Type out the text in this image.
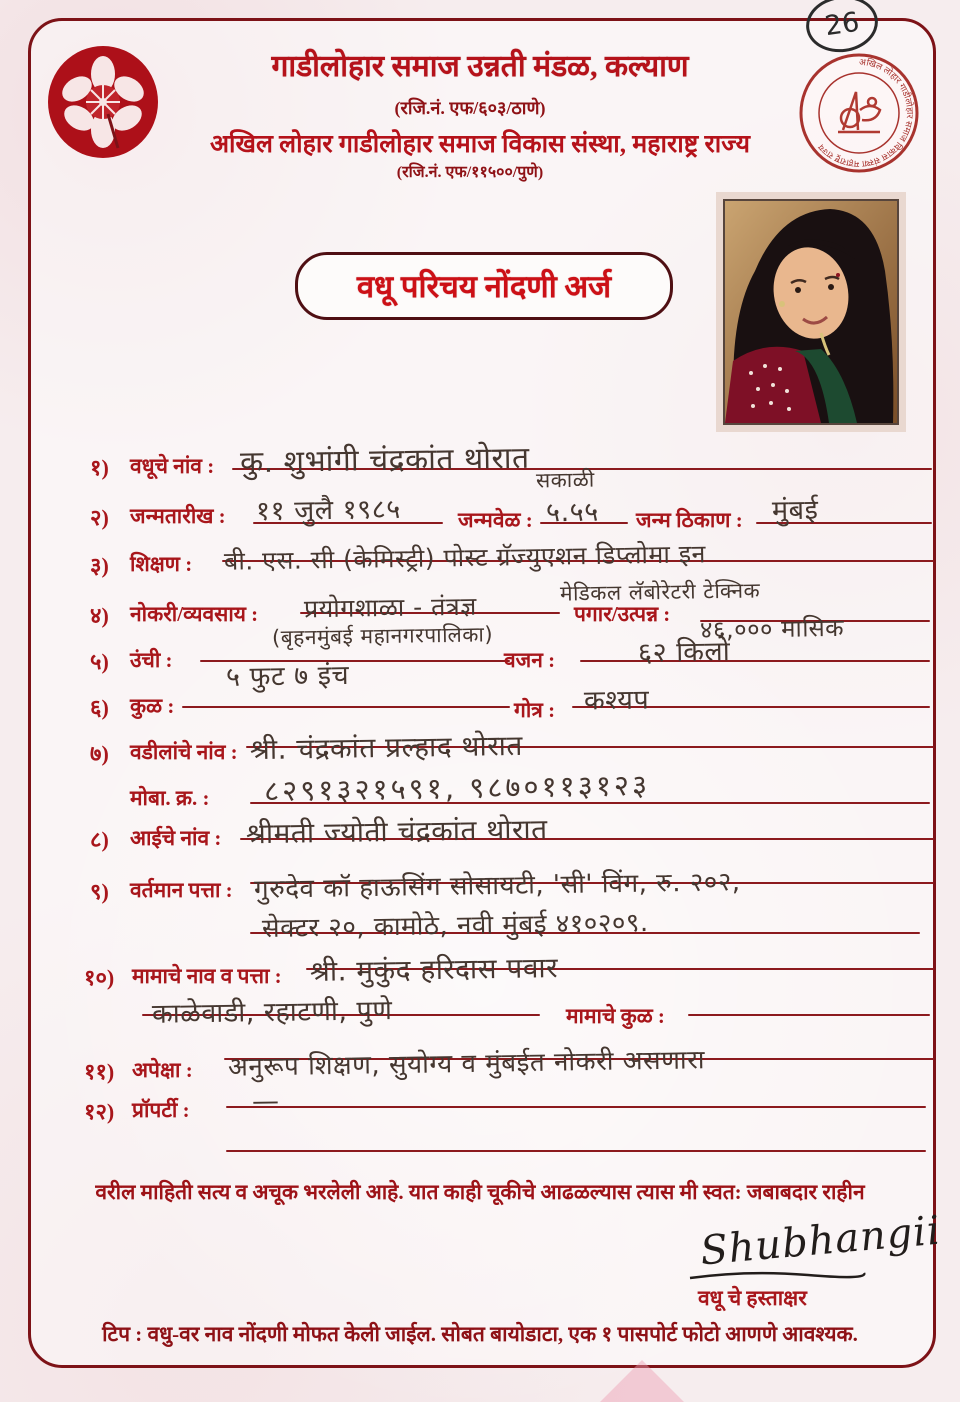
26
अखिल लोहार गाडीलोहार समाज विकास संस्था महाराष्ट्र राज्य
गाडीलोहार समाज उन्नती मंडळ, कल्याण
(रजि.नं. एफ/६०३/ठाणे)
अखिल लोहार गाडीलोहार समाज विकास संस्था, महाराष्ट्र राज्य
(रजि.नं. एफ/११५००/पुणे)
वधू परिचय नोंदणी अर्ज
१) वधूचे नांव : कु. शुभांगी चंद्रकांत थोरात
२) जन्मतारीख : ११ जुलै १९८५	जन्मवेळ :
सकाळी
५.५५ जन्म ठिकाण : मुंबई
३) शिक्षण : बी. एस. सी (केमिस्ट्री) पोस्ट ग्रॅज्युएशन डिप्लोमा इन
मेडिकल लॅबोरेटरी टेक्निक
४) नोकरी/व्यवसाय : प्रयोगशाळा - तंत्रज्ञ
(बृहनमुंबई महानगरपालिका)
पगार/उत्पन्न : ४६,००० मासिक
५) उंची :
५ फुट ७ इंच
वजन :	६२ किलो
६) कुळ :	गोत्र : कश्यप
७) वडीलांचे नांव : श्री. चंद्रकांत प्रल्हाद थोरात
मोबा. क्र. : ८२९१३२१५९१, ९८७०११३१२३
८) आईचे नांव : श्रीमती ज्योती चंद्रकांत थोरात
९) वर्तमान पत्ता : गुरुदेव कॉ हाऊसिंग सोसायटी, 'सी' विंग, रु. २०२,
सेक्टर २०, कामोठे, नवी मुंबई ४१०२०९.
१०) मामाचे नाव व पत्ता : श्री. मुकुंद हरिदास पवार
काळेवाडी, रहाटणी, पुणे	मामाचे कुळ :
११) अपेक्षा : अनुरूप शिक्षण, सुयोग्य व मुंबईत नोकरी असणारा
१२) प्रॉपर्टी : —
वरील माहिती सत्य व अचूक भरलेली आहे. यात काही चूकीचे आढळल्यास त्यास मी स्वत: जबाबदार राहीन
Shubhangii
वधू चे हस्ताक्षर
टिप : वधु-वर नाव नोंदणी मोफत केली जाईल. सोबत बायोडाटा, एक १ पासपोर्ट फोटो आणणे आवश्यक.
